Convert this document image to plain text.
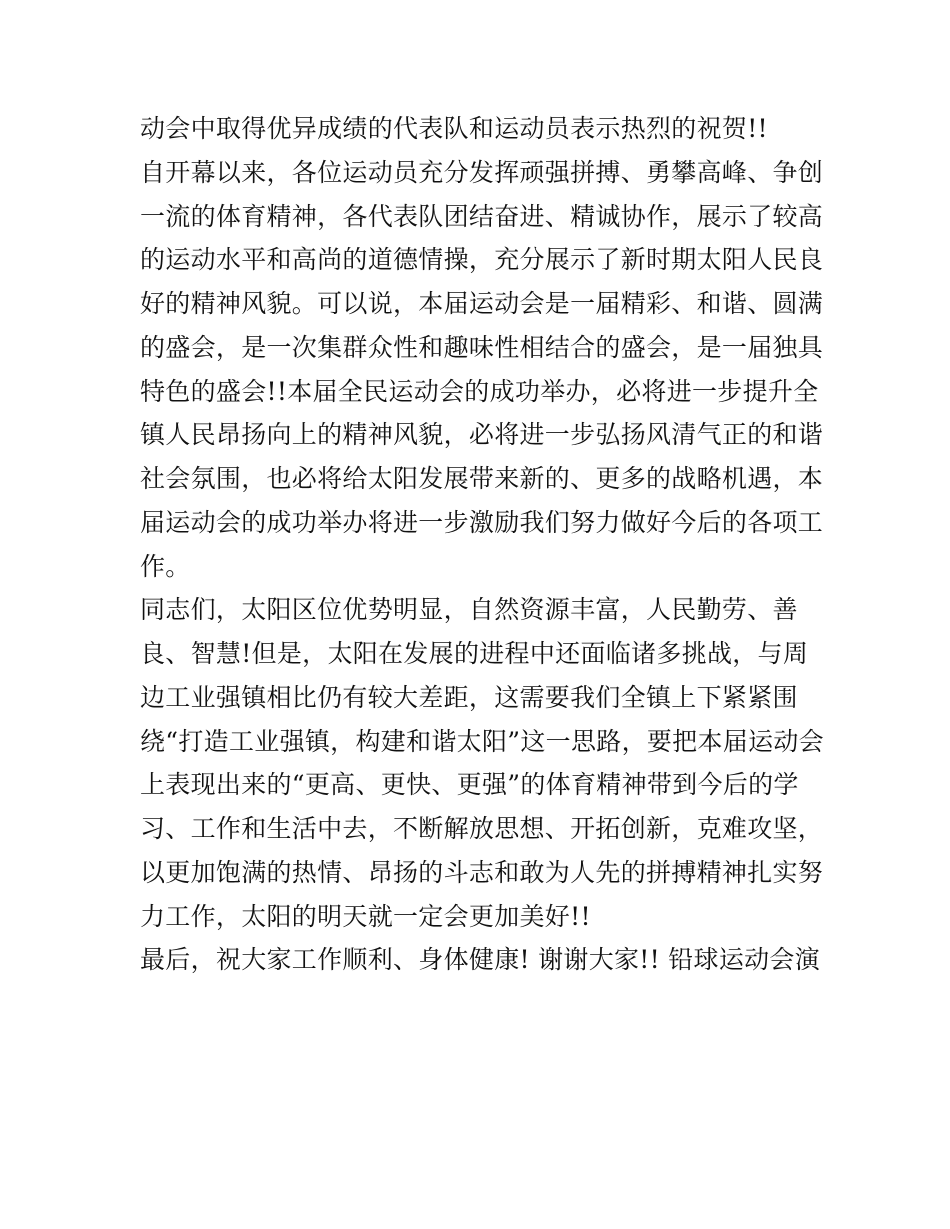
动会中取得优异成绩的代表队和运动员表示热烈的祝贺!!
自开幕以来，各位运动员充分发挥顽强拼搏、勇攀高峰、争创
一流的体育精神，各代表队团结奋进、精诚协作，展示了较高
的运动水平和高尚的道德情操，充分展示了新时期太阳人民良
好的精神风貌。可以说，本届运动会是一届精彩、和谐、圆满
的盛会，是一次集群众性和趣味性相结合的盛会，是一届独具
特色的盛会!!本届全民运动会的成功举办，必将进一步提升全
镇人民昂扬向上的精神风貌，必将进一步弘扬风清气正的和谐
社会氛围，也必将给太阳发展带来新的、更多的战略机遇，本
届运动会的成功举办将进一步激励我们努力做好今后的各项工
作。
同志们，太阳区位优势明显，自然资源丰富，人民勤劳、善
良、智慧!但是，太阳在发展的进程中还面临诸多挑战，与周
边工业强镇相比仍有较大差距，这需要我们全镇上下紧紧围
绕“打造工业强镇，构建和谐太阳”这一思路，要把本届运动会
上表现出来的“更高、更快、更强”的体育精神带到今后的学
习、工作和生活中去，不断解放思想、开拓创新，克难攻坚，
以更加饱满的热情、昂扬的斗志和敢为人先的拼搏精神扎实努
力工作，太阳的明天就一定会更加美好!!
最后，祝大家工作顺利、身体健康! 谢谢大家!! 铅球运动会演
